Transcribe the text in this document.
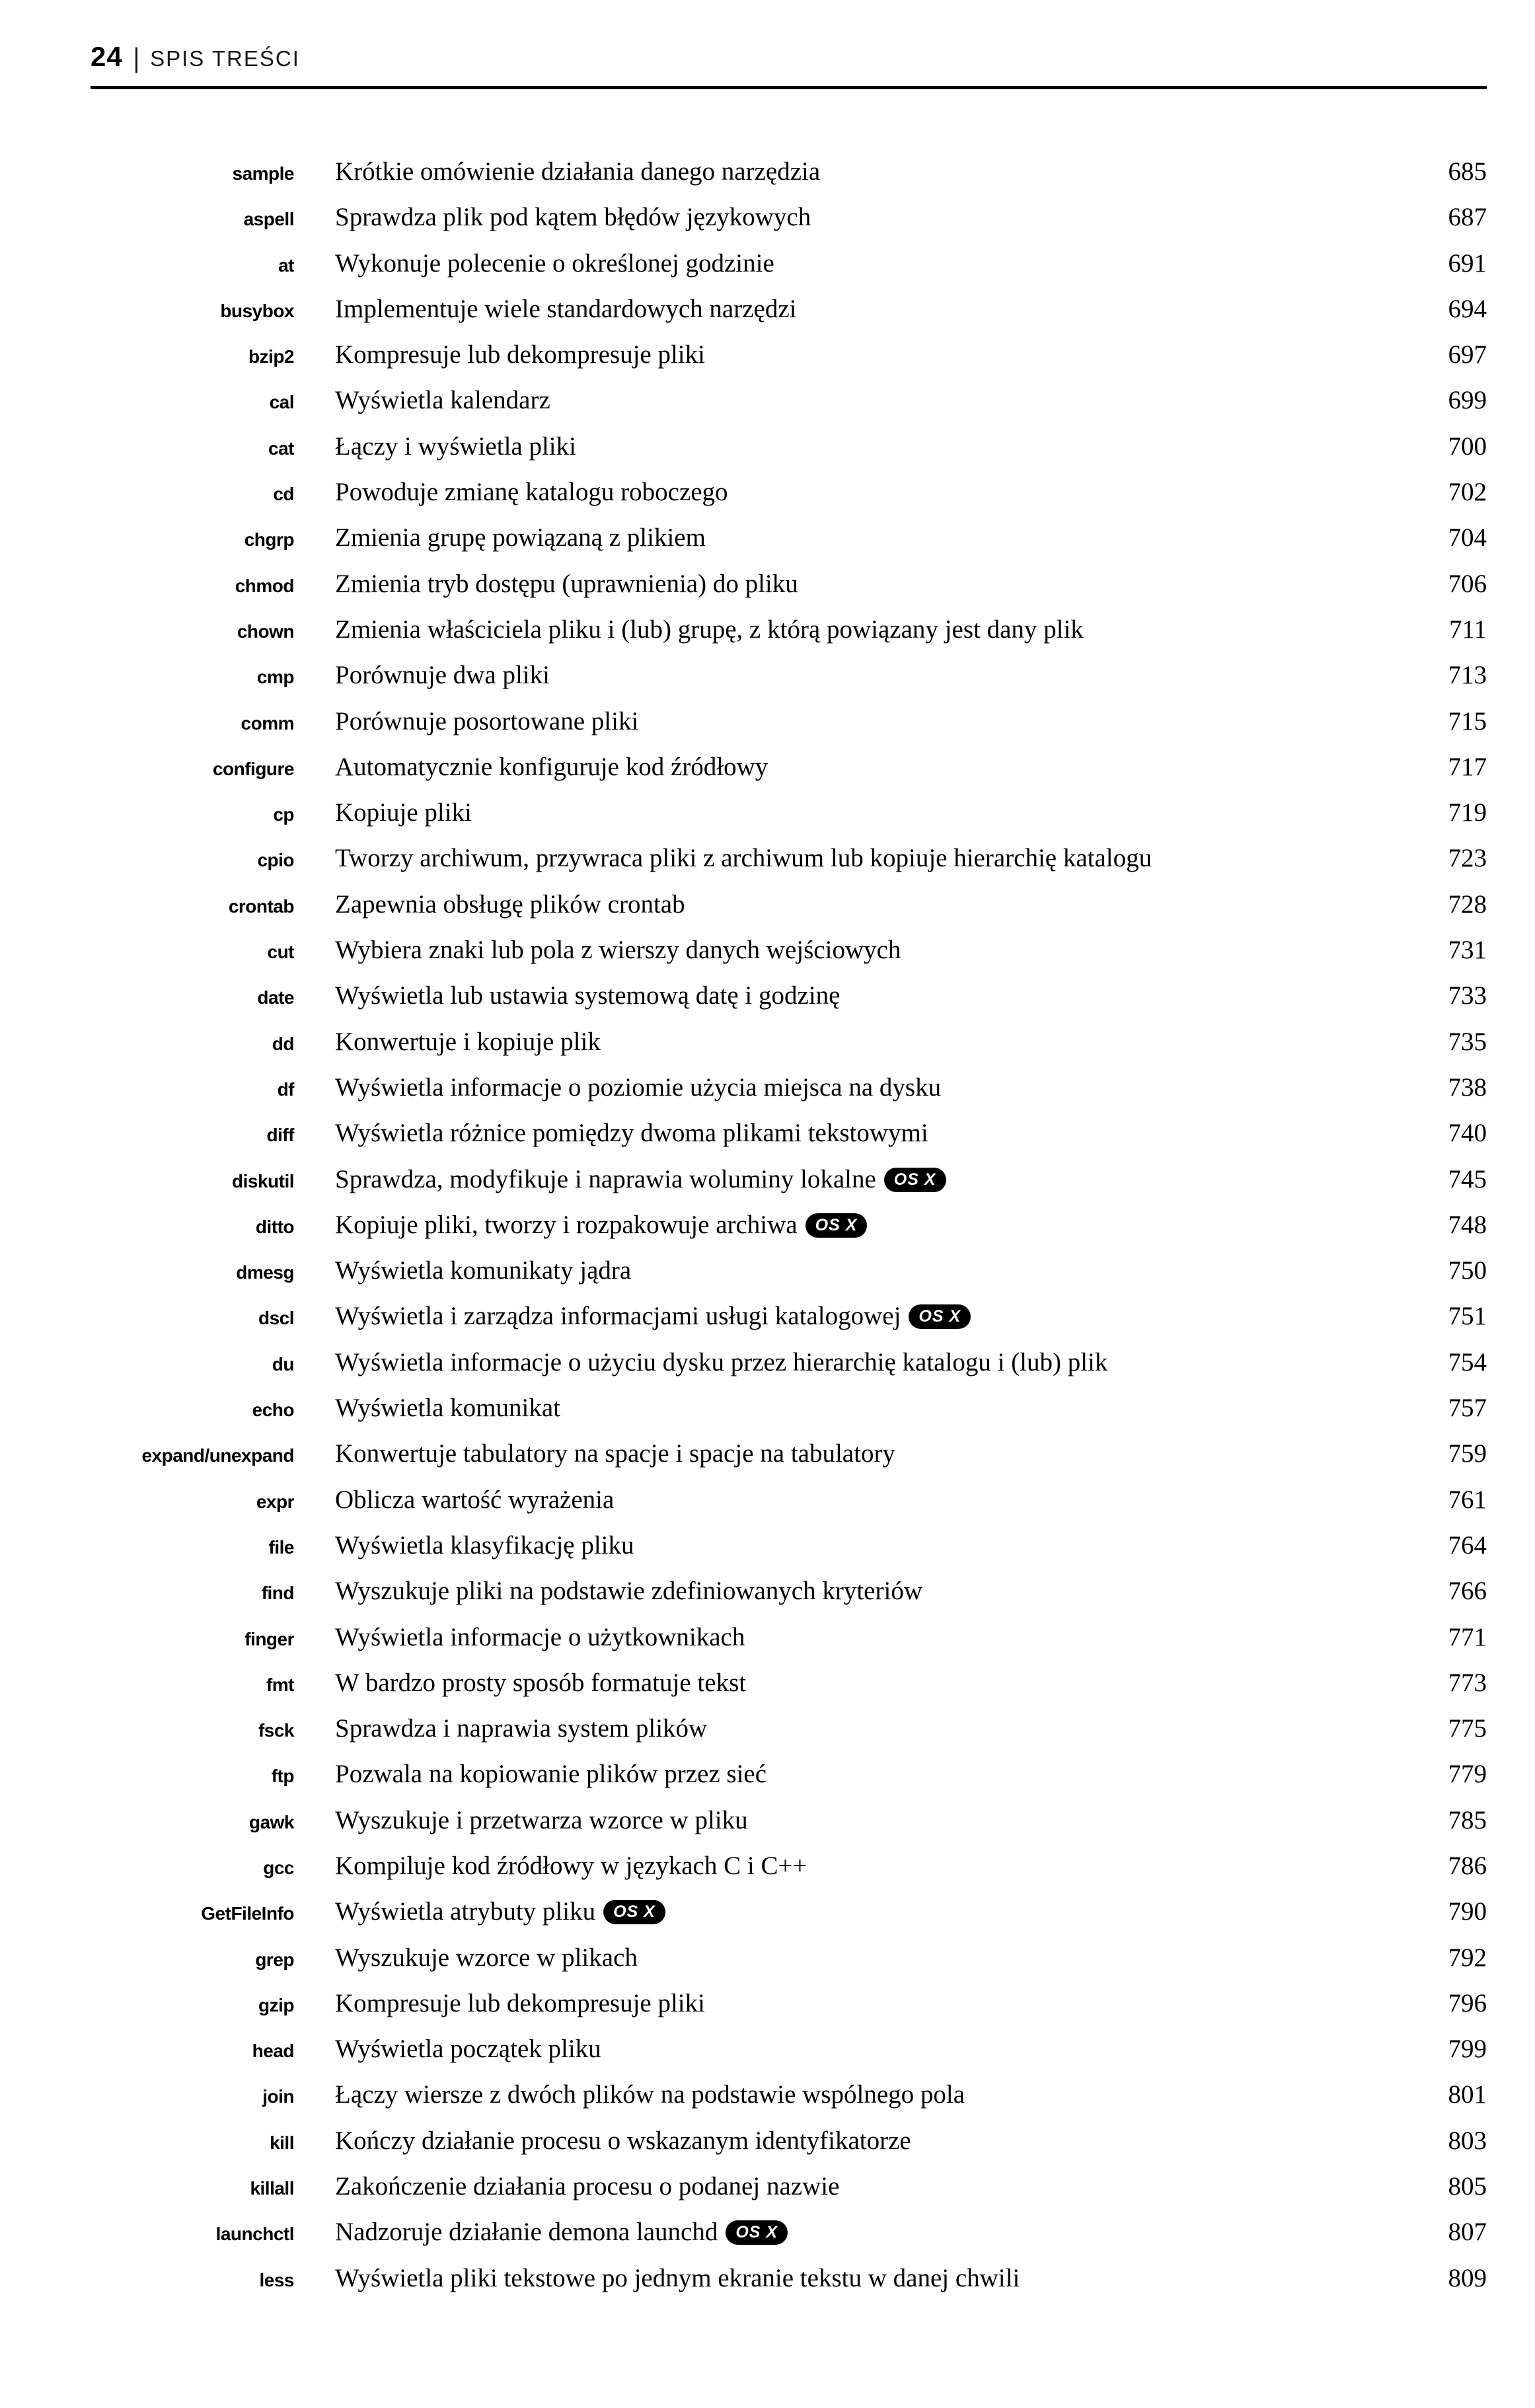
24 | SPIS TREŚCI
sample Krótkie omówienie działania danego narzędzia	685
aspell Sprawdza plik pod kątem błędów językowych	687
at Wykonuje polecenie o określonej godzinie	691
busybox Implementuje wiele standardowych narzędzi	694
bzip2 Kompresuje lub dekompresuje pliki	697
cal Wyświetla kalendarz	699
cat Łączy i wyświetla pliki	700
cd Powoduje zmianę katalogu roboczego	702
chgrp Zmienia grupę powiązaną z plikiem	704
chmod Zmienia tryb dostępu (uprawnienia) do pliku	706
chown Zmienia właściciela pliku i (lub) grupę, z którą powiązany jest dany plik	711
cmp Porównuje dwa pliki	713
comm Porównuje posortowane pliki	715
configure Automatycznie konfiguruje kod źródłowy	717
cp Kopiuje pliki	719
cpio Tworzy archiwum, przywraca pliki z archiwum lub kopiuje hierarchię katalogu	723
crontab Zapewnia obsługę plików crontab	728
cut Wybiera znaki lub pola z wierszy danych wejściowych	731
date Wyświetla lub ustawia systemową datę i godzinę	733
dd Konwertuje i kopiuje plik	735
df Wyświetla informacje o poziomie użycia miejsca na dysku	738
diff Wyświetla różnice pomiędzy dwoma plikami tekstowymi	740
diskutil Sprawdza, modyfikuje i naprawia woluminy lokalne OS X	745
ditto Kopiuje pliki, tworzy i rozpakowuje archiwa OS X	748
dmesg Wyświetla komunikaty jądra	750
dscl Wyświetla i zarządza informacjami usługi katalogowej OS X	751
du Wyświetla informacje o użyciu dysku przez hierarchię katalogu i (lub) plik	754
echo Wyświetla komunikat	757
expand/unexpand Konwertuje tabulatory na spacje i spacje na tabulatory	759
expr Oblicza wartość wyrażenia	761
file Wyświetla klasyfikację pliku	764
find Wyszukuje pliki na podstawie zdefiniowanych kryteriów	766
finger Wyświetla informacje o użytkownikach	771
fmt W bardzo prosty sposób formatuje tekst	773
fsck Sprawdza i naprawia system plików	775
ftp Pozwala na kopiowanie plików przez sieć	779
gawk Wyszukuje i przetwarza wzorce w pliku	785
gcc Kompiluje kod źródłowy w językach C i C++	786
GetFileInfo Wyświetla atrybuty pliku OS X	790
grep Wyszukuje wzorce w plikach	792
gzip Kompresuje lub dekompresuje pliki	796
head Wyświetla początek pliku	799
join Łączy wiersze z dwóch plików na podstawie wspólnego pola	801
kill Kończy działanie procesu o wskazanym identyfikatorze	803
killall Zakończenie działania procesu o podanej nazwie	805
launchctl Nadzoruje działanie demona launchd OS X	807
less Wyświetla pliki tekstowe po jednym ekranie tekstu w danej chwili	809
